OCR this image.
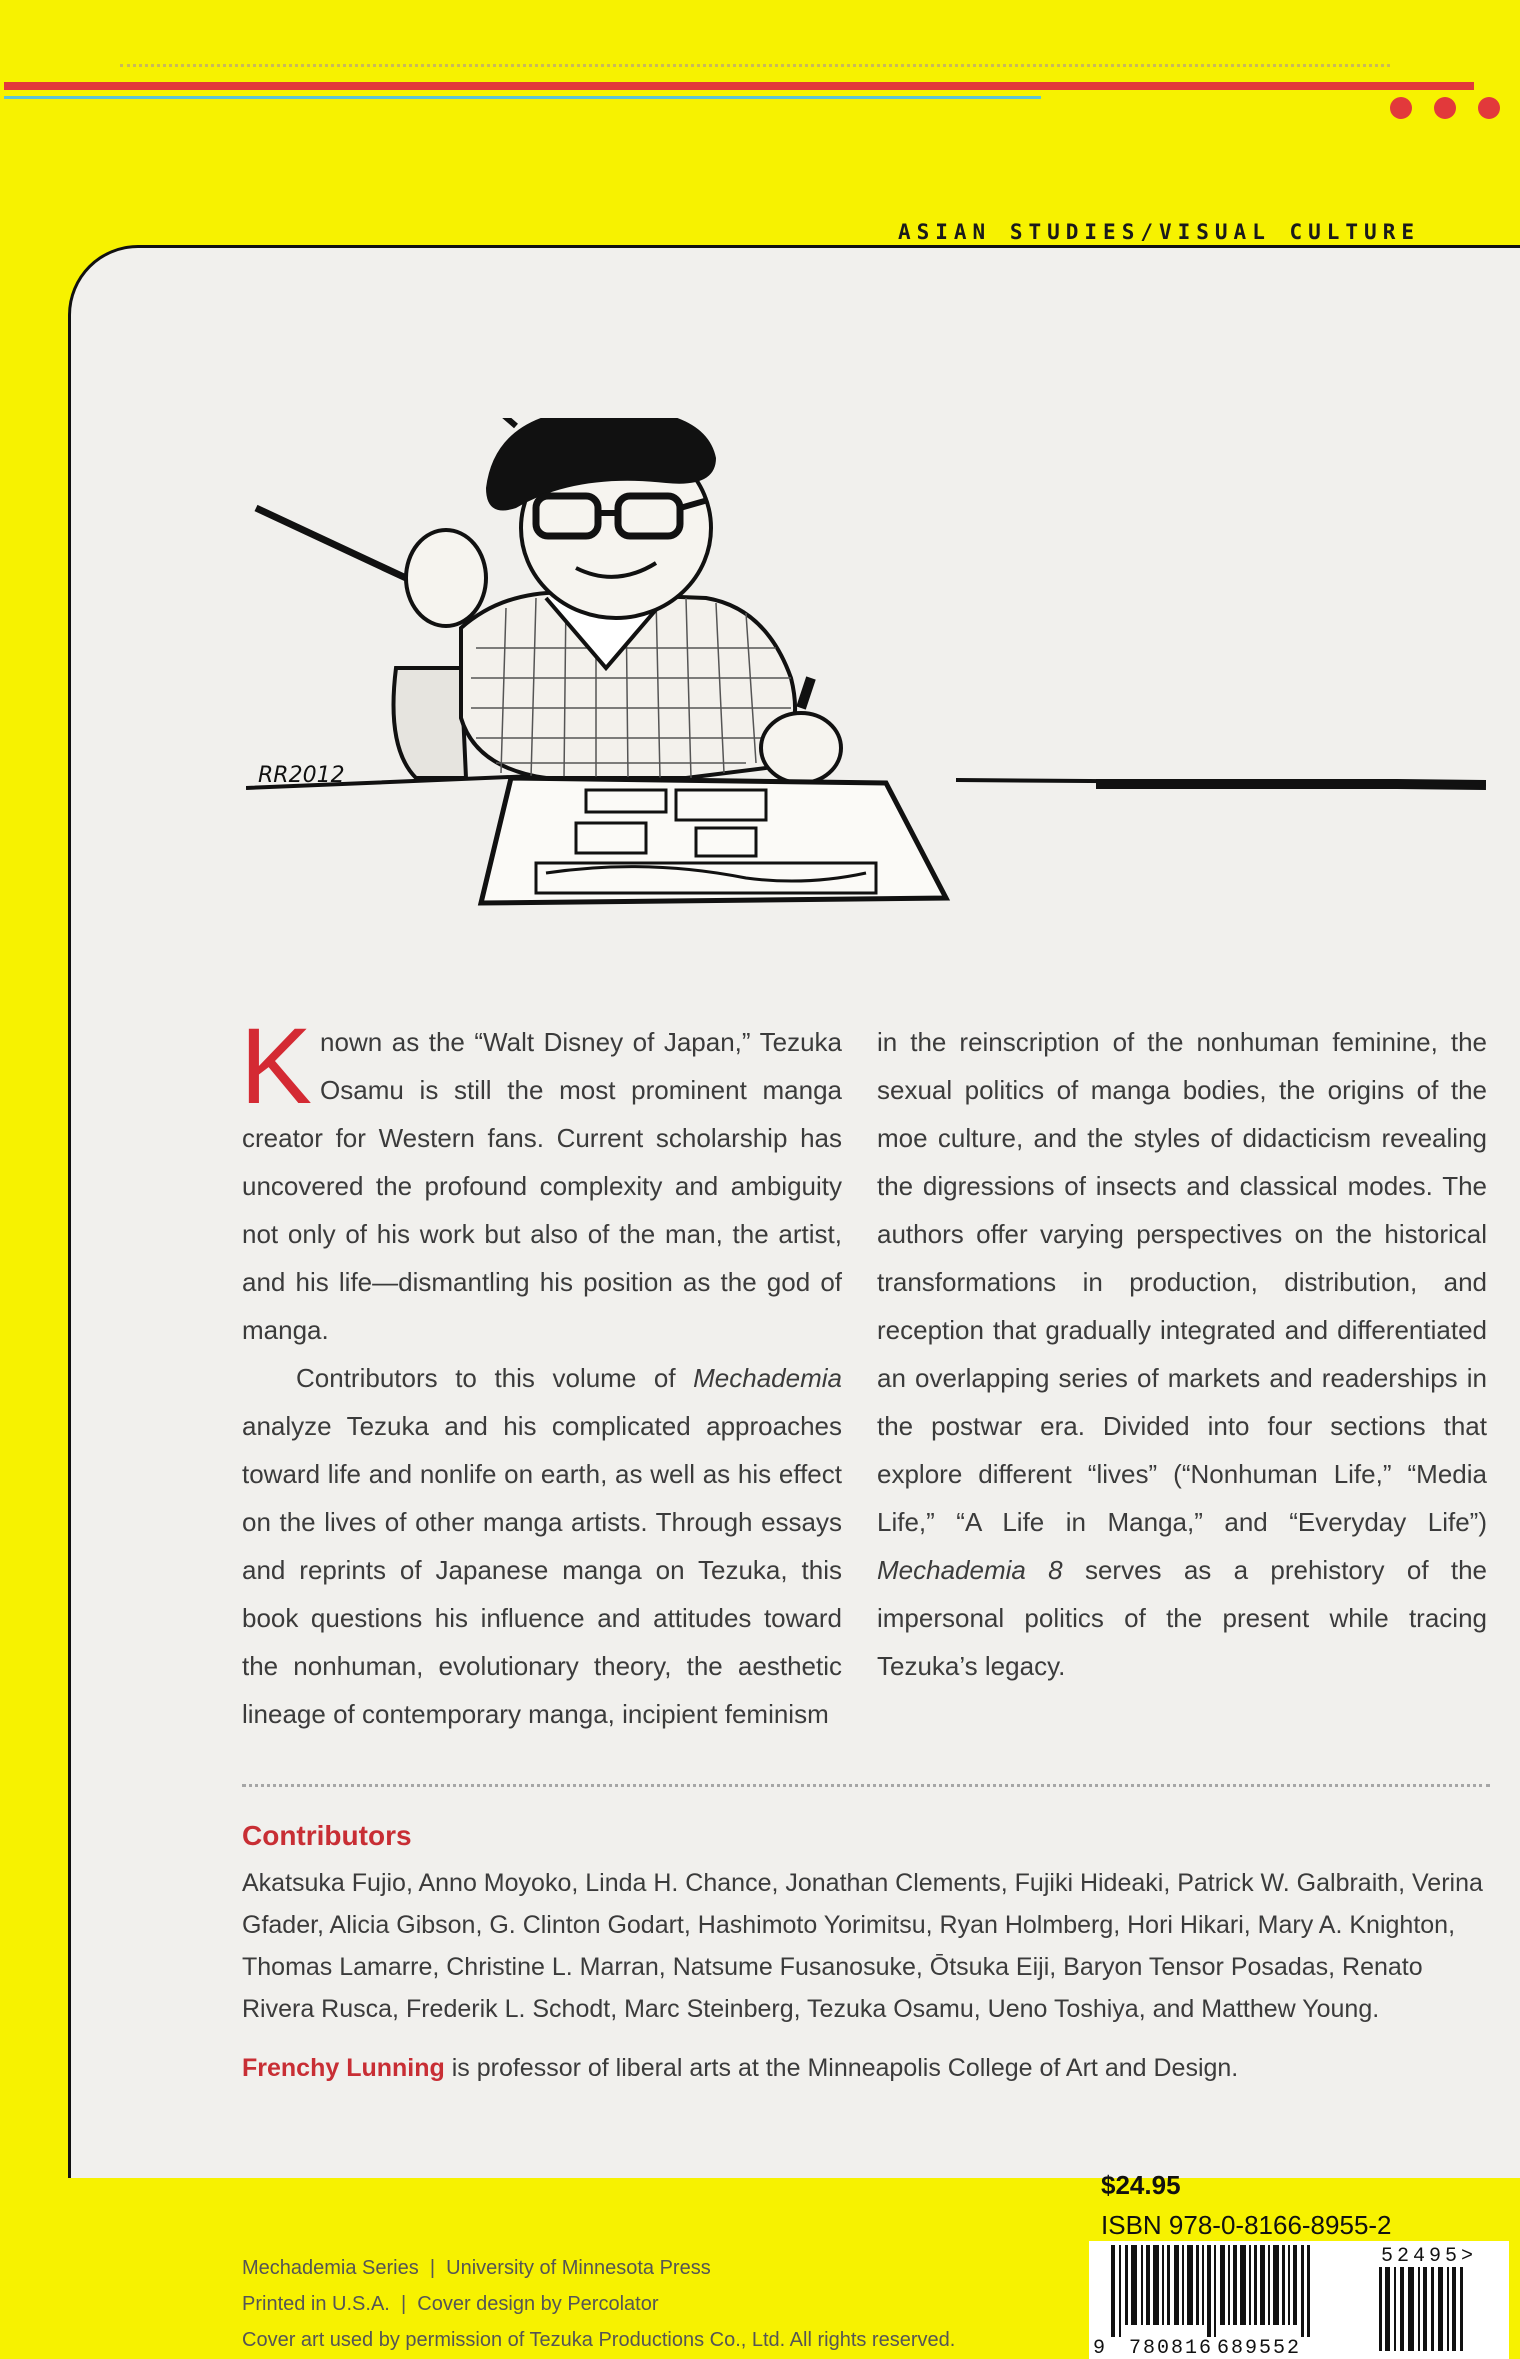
ASIAN STUDIES/VISUAL CULTURE
RR2012

Known as the “Walt Disney of Japan,” Tezuka Osamu is still the most prominent manga creator for Western fans. Current scholarship has uncovered the profound complexity and ambiguity not only of his work but also of the man, the artist, and his life—dismantling his position as the god of manga.

Contributors to this volume of Mechademia analyze Tezuka and his complicated approaches toward life and nonlife on earth, as well as his effect on the lives of other manga artists. Through essays and reprints of Japanese manga on Tezuka, this book questions his influence and attitudes toward the nonhuman, evolutionary theory, the aesthetic lineage of contemporary manga, incipient feminism

in the reinscription of the nonhuman feminine, the sexual politics of manga bodies, the origins of the moe culture, and the styles of didacticism revealing the digressions of insects and classical modes. The authors offer varying perspectives on the historical transformations in production, distribution, and reception that gradually integrated and differentiated an overlapping series of markets and readerships in the postwar era. Divided into four sections that explore different “lives” (“Nonhuman Life,” “Media Life,” “A Life in Manga,” and “Everyday Life”) Mechademia 8 serves as a prehistory of the impersonal politics of the present while tracing Tezuka’s legacy.

Contributors
Akatsuka Fujio, Anno Moyoko, Linda H. Chance, Jonathan Clements, Fujiki Hideaki, Patrick W. Galbraith, Verina Gfader, Alicia Gibson, G. Clinton Godart, Hashimoto Yorimitsu, Ryan Holmberg, Hori Hikari, Mary A. Knighton, Thomas Lamarre, Christine L. Marran, Natsume Fusanosuke, Ōtsuka Eiji, Baryon Tensor Posadas, Renato Rivera Rusca, Frederik L. Schodt, Marc Steinberg, Tezuka Osamu, Ueno Toshiya, and Matthew Young.
Frenchy Lunning is professor of liberal arts at the Minneapolis College of Art and Design.
Mechademia Series  |  University of Minnesota Press
Printed in U.S.A.  |  Cover design by Percolator
Cover art used by permission of Tezuka Productions Co., Ltd. All rights reserved.
$24.95
ISBN 978-0-8166-8955-2
9 780816 689552
52495>
